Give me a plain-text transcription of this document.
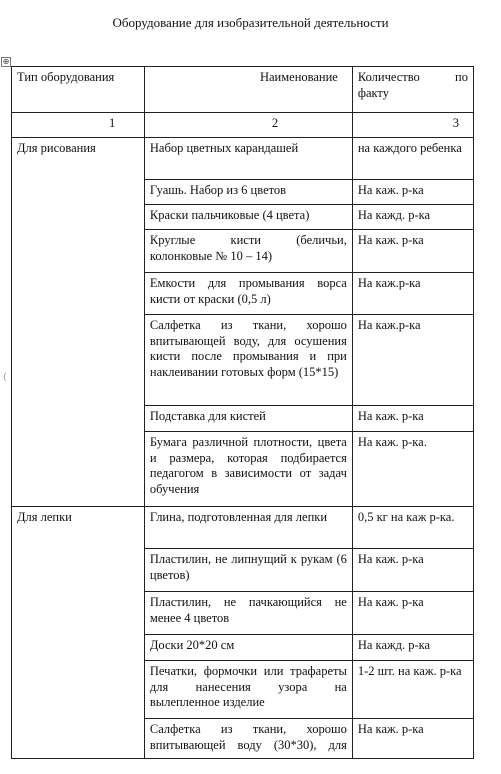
Оборудование для изобразительной деятельности
⊕
(
Тип оборудования	Наименование	Количество по факту

1	2	3
Для рисования	Набор цветных карандашей	на каждого ребенка
	Гуашь. Набор из 6 цветов	На каж. р-ка
	Краски пальчиковые (4 цвета)	На кажд. р-ка
	Круглые кисти (беличьи, колонковые № 10 – 14)	На каж. р-ка
	Емкости для промывания ворса кисти от краски (0,5 л)	На каж.р-ка
	Салфетка из ткани, хорошо впитывающей воду, для осушения кисти после промывания и при наклеивании готовых форм (15*15)	На каж.р-ка
	Подставка для кистей	На каж. р-ка
	Бумага различной плотности, цвета и размера, которая подбирается педагогом в зависимости от задач обучения	На каж. р-ка.
Для лепки	Глина, подготовленная для лепки	0,5 кг на каж р-ка.
	Пластилин, не липнущий к рукам (6 цветов)	На каж. р-ка
	Пластилин, не пачкающийся не менее 4 цветов	На каж. р-ка
	Доски 20*20 см	На кажд. р-ка
	Печатки, формочки или трафареты для нанесения узора на вылепленное изделие	1-2 шт. на каж. р-ка
	Салфетка из ткани, хорошо впитывающей воду (30*30), для	На каж. р-ка
